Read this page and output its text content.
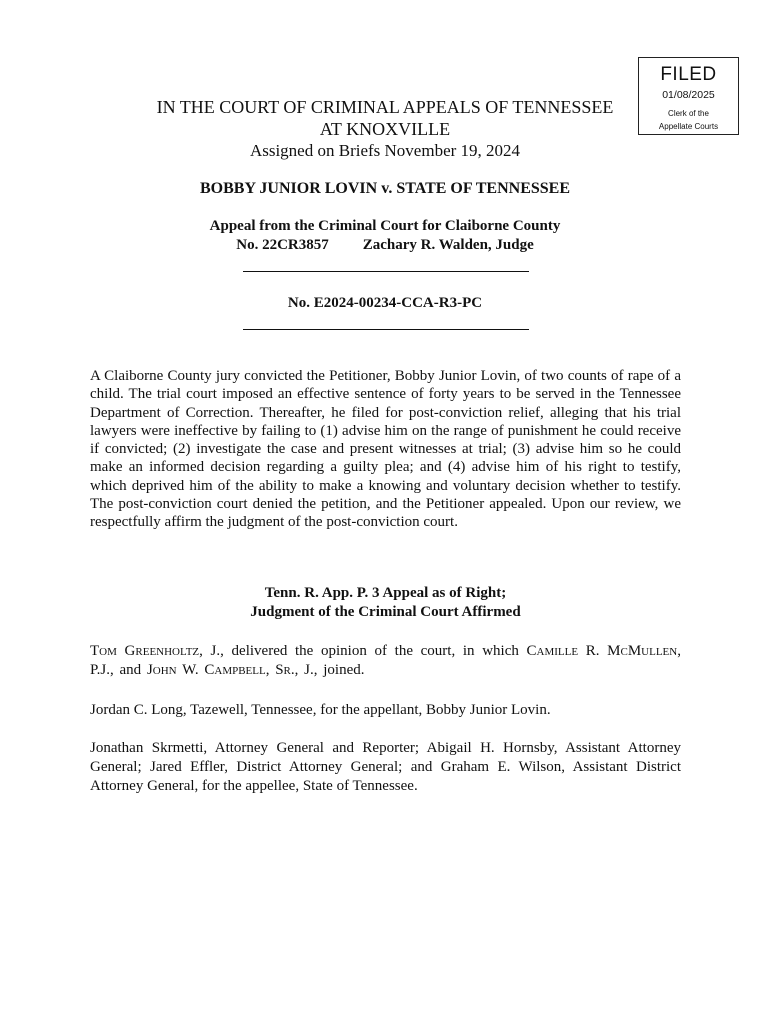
FILED
01/08/2025
Clerk of the
Appellate Courts
IN THE COURT OF CRIMINAL APPEALS OF TENNESSEE
AT KNOXVILLE
Assigned on Briefs November 19, 2024
BOBBY JUNIOR LOVIN v. STATE OF TENNESSEE
Appeal from the Criminal Court for Claiborne County
No. 22CR3857 Zachary R. Walden, Judge
No. E2024-00234-CCA-R3-PC

A Claiborne County jury convicted the Petitioner, Bobby Junior Lovin, of two counts of rape of a child. The trial court imposed an effective sentence of forty years to be served in the Tennessee Department of Correction. Thereafter, he filed for post-conviction relief, alleging that his trial lawyers were ineffective by failing to (1) advise him on the range of punishment he could receive if convicted; (2) investigate the case and present witnesses at trial; (3) advise him so he could make an informed decision regarding a guilty plea; and (4) advise him of his right to testify, which deprived him of the ability to make a knowing and voluntary decision whether to testify. The post-conviction court denied the petition, and the Petitioner appealed. Upon our review, we respectfully affirm the judgment of the post-conviction court.

Tenn. R. App. P. 3 Appeal as of Right;
Judgment of the Criminal Court Affirmed

Tom Greenholtz, J., delivered the opinion of the court, in which Camille R. McMullen, P.J., and John W. Campbell, Sr., J., joined.

Jordan C. Long, Tazewell, Tennessee, for the appellant, Bobby Junior Lovin.

Jonathan Skrmetti, Attorney General and Reporter; Abigail H. Hornsby, Assistant Attorney General; Jared Effler, District Attorney General; and Graham E. Wilson, Assistant District Attorney General, for the appellee, State of Tennessee.
